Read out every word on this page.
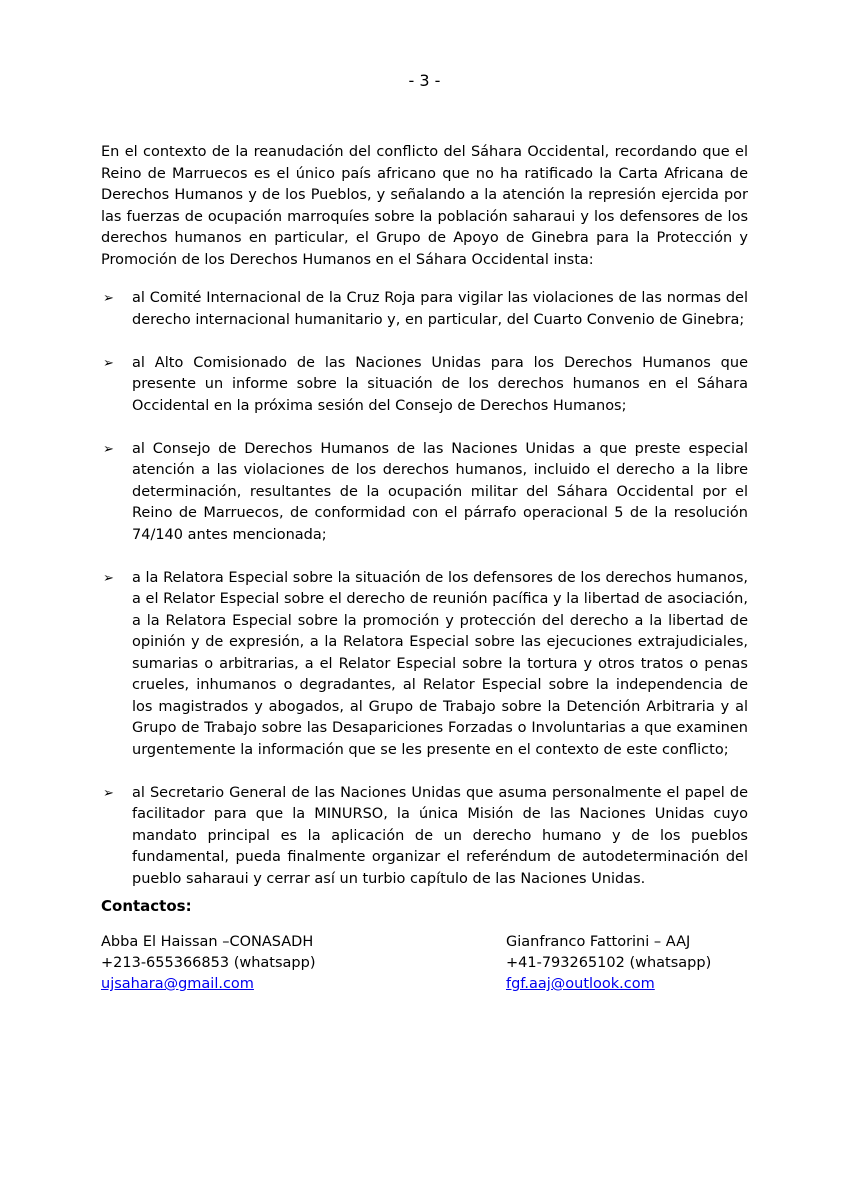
- 3 -

En el contexto de la reanudación del conflicto del Sáhara Occidental, recordando que el Reino de Marruecos es el único país africano que no ha ratificado la Carta Africana de Derechos Humanos y de los Pueblos, y señalando a la atención la represión ejercida por las fuerzas de ocupación marroquíes sobre la población saharaui y los defensores de los derechos humanos en particular, el Grupo de Apoyo de Ginebra para la Protección y Promoción de los Derechos Humanos en el Sáhara Occidental insta:

➢ al Comité Internacional de la Cruz Roja para vigilar las violaciones de las normas del derecho internacional humanitario y, en particular, del Cuarto Convenio de Ginebra;
➢ al Alto Comisionado de las Naciones Unidas para los Derechos Humanos que presente un informe sobre la situación de los derechos humanos en el Sáhara Occidental en la próxima sesión del Consejo de Derechos Humanos;
➢ al Consejo de Derechos Humanos de las Naciones Unidas a que preste especial atención a las violaciones de los derechos humanos, incluido el derecho a la libre determinación, resultantes de la ocupación militar del Sáhara Occidental por el Reino de Marruecos, de conformidad con el párrafo operacional 5 de la resolución 74/140 antes mencionada;
➢ a la Relatora Especial sobre la situación de los defensores de los derechos humanos, a el Relator Especial sobre el derecho de reunión pacífica y la libertad de asociación, a la Relatora Especial sobre la promoción y protección del derecho a la libertad de opinión y de expresión, a la Relatora Especial sobre las ejecuciones extrajudiciales, sumarias o arbitrarias, a el Relator Especial sobre la tortura y otros tratos o penas crueles, inhumanos o degradantes, al Relator Especial sobre la independencia de los magistrados y abogados, al Grupo de Trabajo sobre la Detención Arbitraria y al Grupo de Trabajo sobre las Desapariciones Forzadas o Involuntarias a que examinen urgentemente la información que se les presente en el contexto de este conflicto;
➢ al Secretario General de las Naciones Unidas que asuma personalmente el papel de facilitador para que la MINURSO, la única Misión de las Naciones Unidas cuyo mandato principal es la aplicación de un derecho humano y de los pueblos fundamental, pueda finalmente organizar el referéndum de autodeterminación del pueblo saharaui y cerrar así un turbio capítulo de las Naciones Unidas.
Contactos:
Abba El Haissan –CONASADH
+213-655366853 (whatsapp)
ujsahara@gmail.com
Gianfranco Fattorini – AAJ
+41-793265102 (whatsapp)
fgf.aaj@outlook.com
